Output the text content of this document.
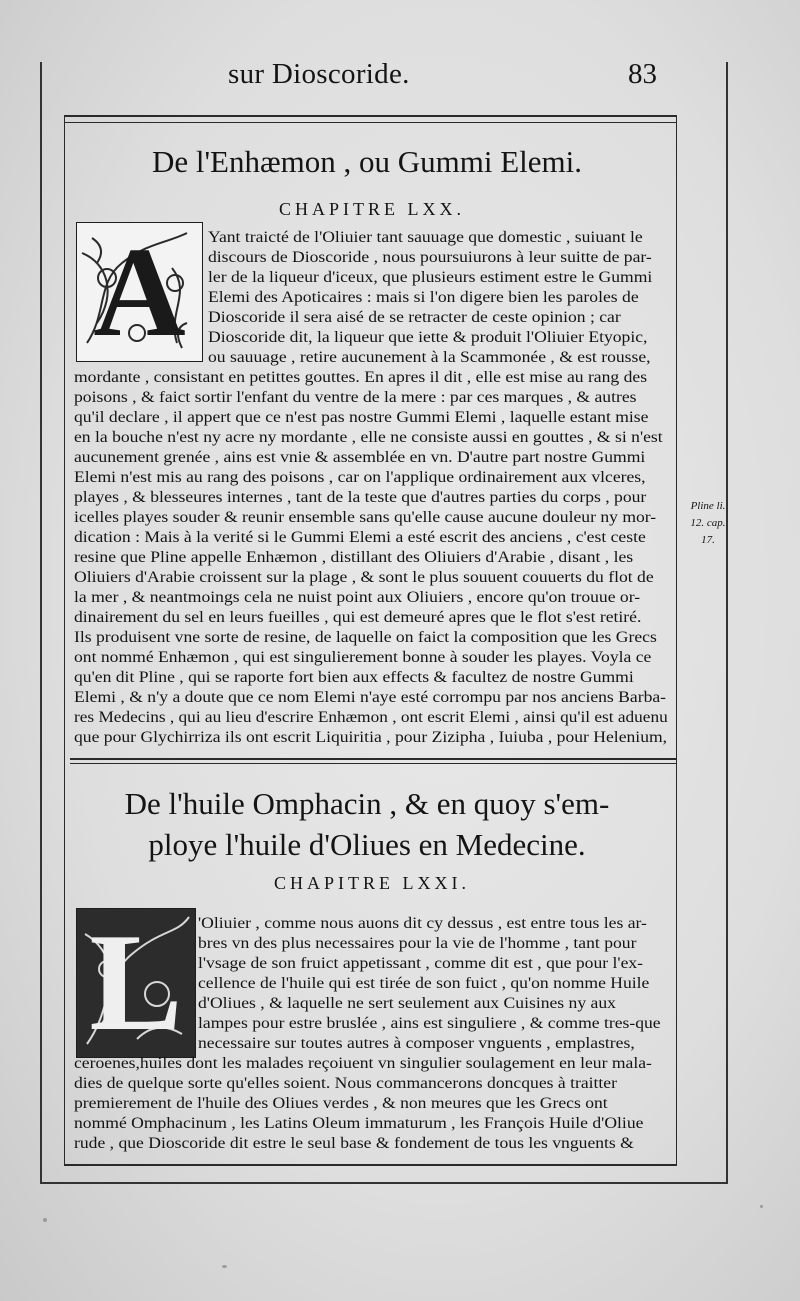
sur Dioscoride.	83
De l'Enhæmon , ou Gummi Elemi.
CHAPITRE LXX.
A	Yant traicté de l'Oliuier tant sauuage que domestic , suiuant le
discours de Dioscoride , nous poursuiurons à leur suitte de par-
ler de la liqueur d'iceux, que plusieurs estiment estre le Gummi
Elemi des Apoticaires : mais si l'on digere bien les paroles de
Dioscoride il sera aisé de se retracter de ceste opinion ; car
Dioscoride dit, la liqueur que iette & produit l'Oliuier Etyopic,
ou sauuage , retire aucunement à la Scammonée , & est rousse,
mordante , consistant en petittes gouttes. En apres il dit , elle est mise au rang des
poisons , & faict sortir l'enfant du ventre de la mere : par ces marques , & autres
qu'il declare , il appert que ce n'est pas nostre Gummi Elemi , laquelle estant mise
en la bouche n'est ny acre ny mordante , elle ne consiste aussi en gouttes , & si n'est
aucunement grenée , ains est vnie & assemblée en vn. D'autre part nostre Gummi
Elemi n'est mis au rang des poisons , car on l'applique ordinairement aux vlceres,
playes , & blesseures internes , tant de la teste que d'autres parties du corps , pour
icelles playes souder & reunir ensemble sans qu'elle cause aucune douleur ny mor-
dication : Mais à la verité si le Gummi Elemi a esté escrit des anciens , c'est ceste
resine que Pline appelle Enhæmon , distillant des Oliuiers d'Arabie , disant , les
Oliuiers d'Arabie croissent sur la plage , & sont le plus souuent couuerts du flot de
la mer , & neantmoings cela ne nuist point aux Oliuiers , encore qu'on trouue or-
dinairement du sel en leurs fueilles , qui est demeuré apres que le flot s'est retiré.
Ils produisent vne sorte de resine, de laquelle on faict la composition que les Grecs
ont nommé Enhæmon , qui est singulierement bonne à souder les playes. Voyla ce
qu'en dit Pline , qui se raporte fort bien aux effects & facultez de nostre Gummi
Elemi , & n'y a doute que ce nom Elemi n'aye esté corrompu par nos anciens Barba-
res Medecins , qui au lieu d'escrire Enhæmon , ont escrit Elemi , ainsi qu'il est aduenu
que pour Glychirriza ils ont escrit Liquiritia , pour Ziziphа , Iuiuba , pour Helenium,
Pline li.
12. cap.
17.
De l'huile Omphacin , & en quoy s'em-
ploye l'huile d'Oliues en Medecine.
CHAPITRE LXXI.
L	'Oliuier , comme nous auons dit cy dessus , est entre tous les ar-
bres vn des plus necessaires pour la vie de l'homme , tant pour
l'vsage de son fruict appetissant , comme dit est , que pour l'ex-
cellence de l'huile qui est tirée de son fuict , qu'on nomme Huile
d'Oliues , & laquelle ne sert seulement aux Cuisines ny aux
lampes pour estre bruslée , ains est singuliere , & comme tres-que
necessaire sur toutes autres à composer vnguents , emplastres,
ceroenes,huiles dont les malades reçoiuent vn singulier soulagement en leur mala-
dies de quelque sorte qu'elles soient. Nous commancerons doncques à traitter
premierement de l'huile des Oliues verdes , & non meures que les Grecs ont
nommé Omphacinum , les Latins Oleum immaturum , les François Huile d'Oliue
rude , que Dioscoride dit estre le seul base & fondement de tous les vnguents &
